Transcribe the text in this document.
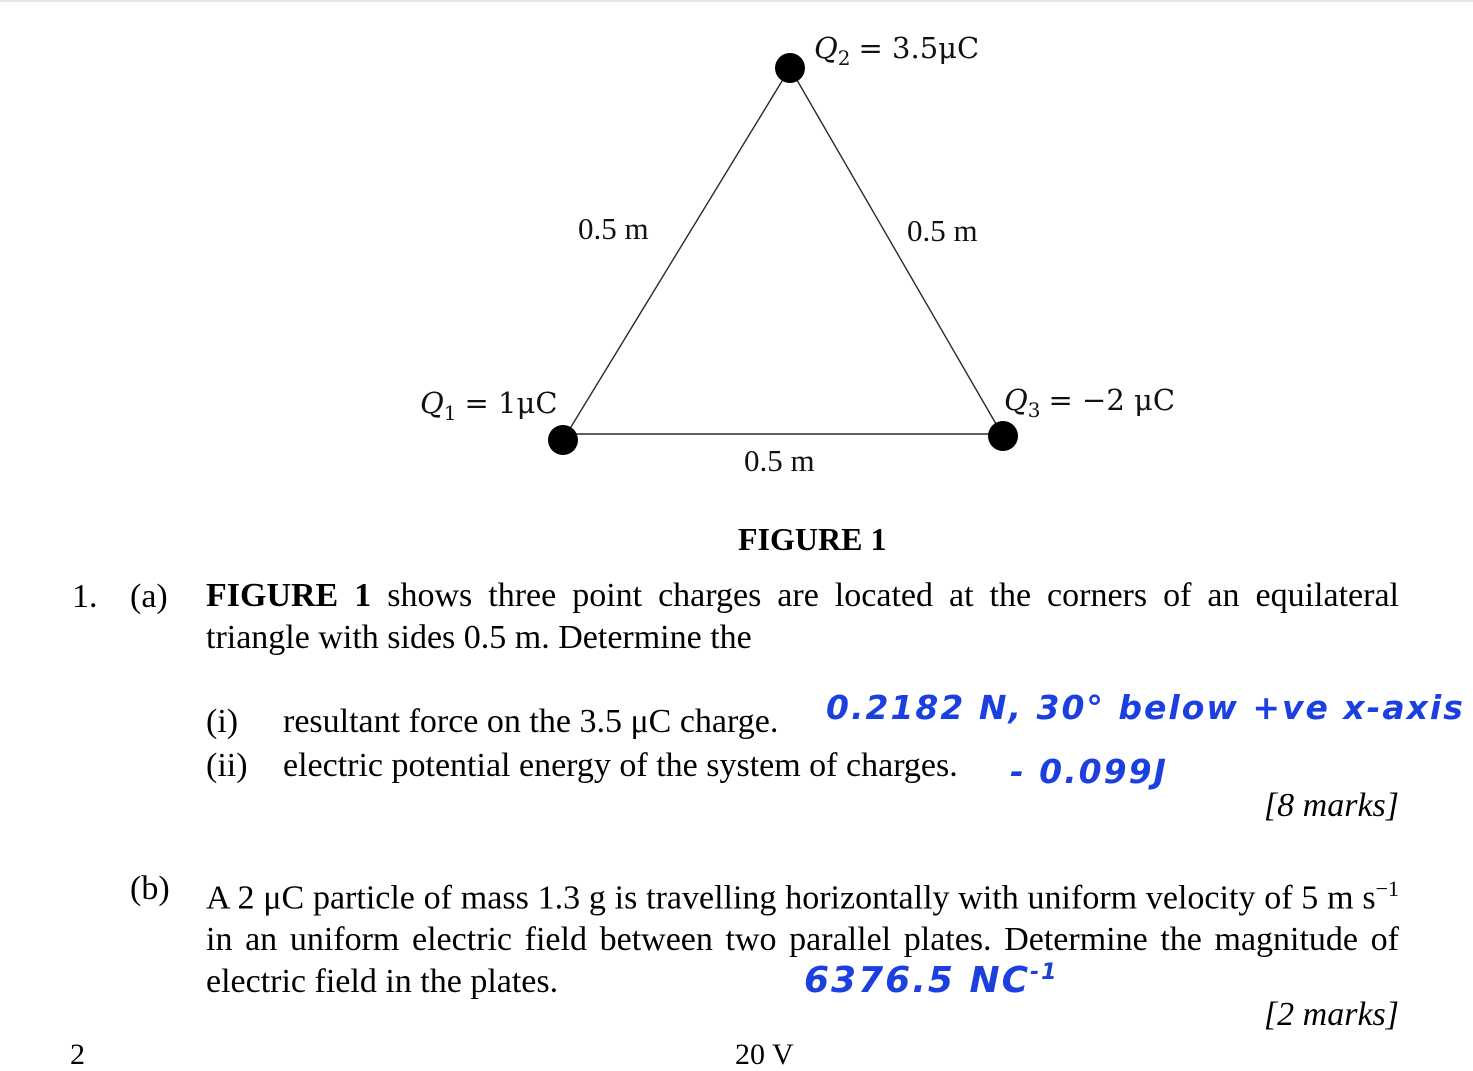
$Q_2 = 3.5\mu C$
$Q_1 = 1\mu C$	$Q_3 = -2$ μC
0.5 m	0.5 m
0.5 m
FIGURE 1
1. (a) FIGURE 1 shows three point charges are located at the corners of an equilateral triangle with sides 0.5 m. Determine the
(i) resultant force on the 3.5 μC charge.
(ii) electric potential energy of the system of charges.
[8 marks]
(b) A 2 μC particle of mass 1.3 g is travelling horizontally with uniform velocity of 5 m $s^{-1}$ in an uniform electric field between two parallel plates. Determine the magnitude of electric field in the plates.
[2 marks]
0.2182 N, 30° below +ve x-axis
- 0.099J
6376.5 $NC^{-1}$
2	20 V
